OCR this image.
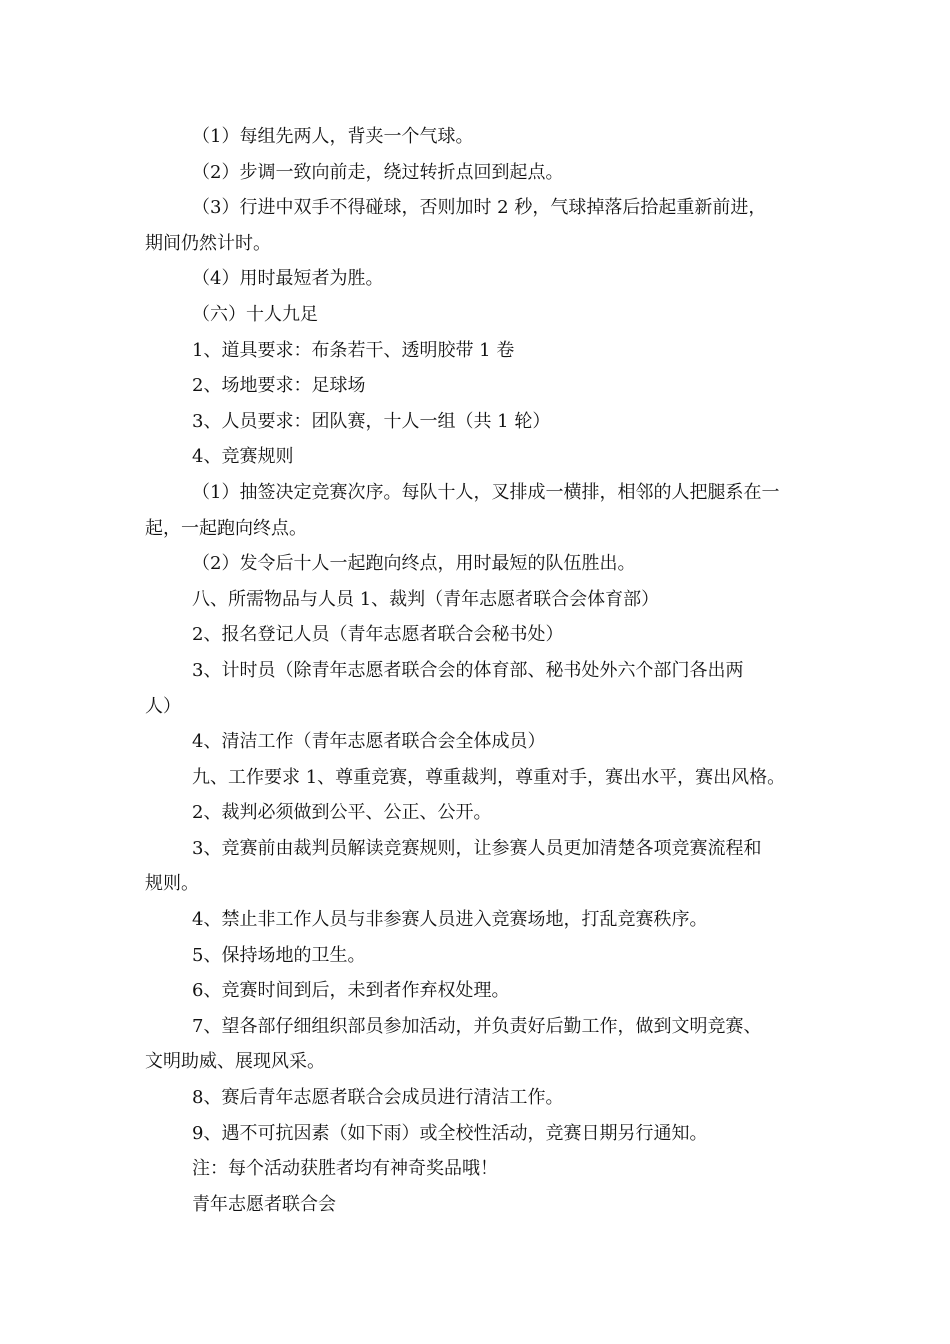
（1）每组先两人，背夹一个气球。

（2）步调一致向前走，绕过转折点回到起点。

（3）行进中双手不得碰球，否则加时 2 秒，气球掉落后拾起重新前进，

期间仍然计时。

（4）用时最短者为胜。

（六）十人九足

1、道具要求：布条若干、透明胶带 1 卷

2、场地要求：足球场

3、人员要求：团队赛，十人一组（共 1 轮）

4、竞赛规则

（1）抽签决定竞赛次序。每队十人，叉排成一横排，相邻的人把腿系在一

起，一起跑向终点。

（2）发令后十人一起跑向终点，用时最短的队伍胜出。

八、所需物品与人员 1、裁判（青年志愿者联合会体育部）

2、报名登记人员（青年志愿者联合会秘书处）

3、计时员（除青年志愿者联合会的体育部、秘书处外六个部门各出两

人）

4、清洁工作（青年志愿者联合会全体成员）

九、工作要求 1、尊重竞赛，尊重裁判，尊重对手，赛出水平，赛出风格。

2、裁判必须做到公平、公正、公开。

3、竞赛前由裁判员解读竞赛规则，让参赛人员更加清楚各项竞赛流程和

规则。

4、禁止非工作人员与非参赛人员进入竞赛场地，打乱竞赛秩序。

5、保持场地的卫生。

6、竞赛时间到后，未到者作弃权处理。

7、望各部仔细组织部员参加活动，并负责好后勤工作，做到文明竞赛、

文明助威、展现风采。

8、赛后青年志愿者联合会成员进行清洁工作。

9、遇不可抗因素（如下雨）或全校性活动，竞赛日期另行通知。

注：每个活动获胜者均有神奇奖品哦！

青年志愿者联合会
